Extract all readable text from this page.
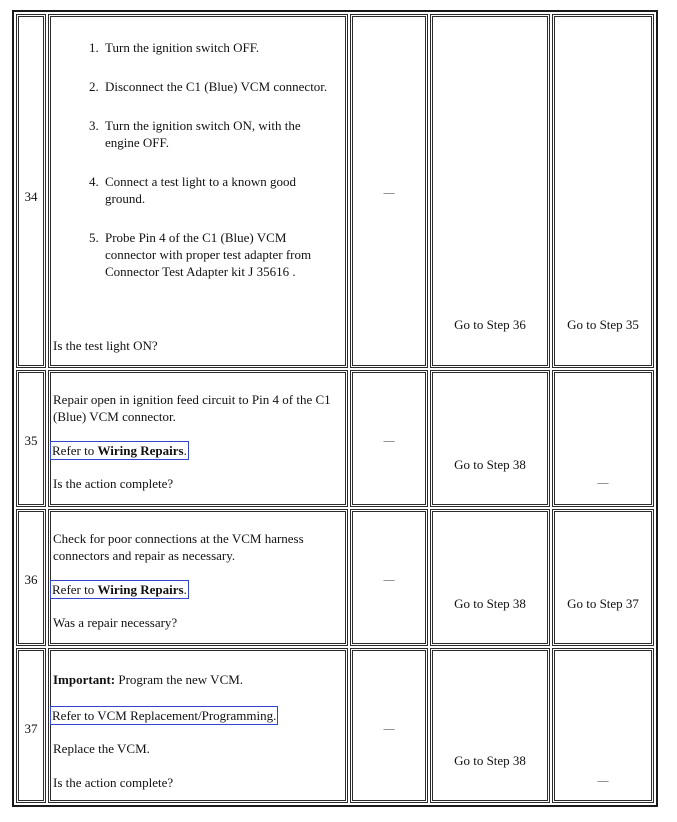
34
1. Turn the ignition switch OFF.
2. Disconnect the C1 (Blue) VCM connector.
3. Turn the ignition switch ON, with the engine OFF.
4. Connect a test light to a known good ground.
5. Probe Pin 4 of the C1 (Blue) VCM connector with proper test adapter from Connector Test Adapter kit J 35616 .
Is the test light ON?
—
Go to Step 36	Go to Step 35
35
Repair open in ignition feed circuit to Pin 4 of the C1 (Blue) VCM connector.
Refer to Wiring Repairs.
Is the action complete?
—
Go to Step 38
—
36
Check for poor connections at the VCM harness connectors and repair as necessary.
Refer to Wiring Repairs.
Was a repair necessary?
—
Go to Step 38	Go to Step 37
37
Important: Program the new VCM.
Refer to VCM Replacement/Programming.
Replace the VCM.
Is the action complete?
—
Go to Step 38
—
